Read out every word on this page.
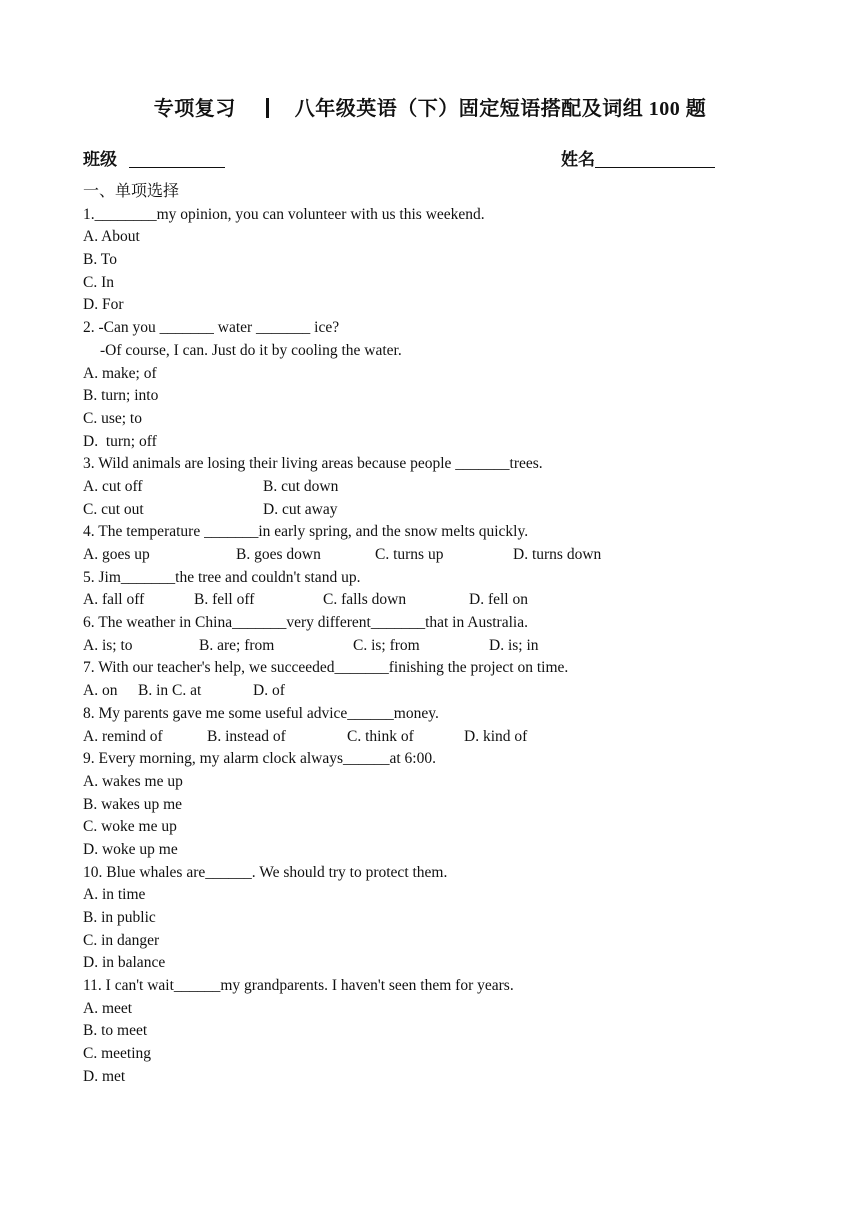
专项复习	八年级英语（下）固定短语搭配及词组 100 题
班级	姓名
一、单项选择
1.________my opinion, you can volunteer with us this weekend.
A. About
B. To
C. In
D. For
2. -Can you _______ water _______ ice?
-Of course, I can. Just do it by cooling the water.
A. make; of
B. turn; into
C. use; to
D.  turn; off
3. Wild animals are losing their living areas because people _______trees.
A. cut off	B. cut down
C. cut out	D. cut away
4. The temperature _______in early spring, and the snow melts quickly.
A. goes up	B. goes down	C. turns up	D. turns down
5. Jim_______the tree and couldn't stand up.
A. fall off	B. fell off	C. falls down	D. fell on
6. The weather in China_______very different_______that in Australia.
A. is; to	B. are; from	C. is; from	D. is; in
7. With our teacher's help, we succeeded_______finishing the project on time.
A. on B. in C. at	D. of
8. My parents gave me some useful advice______money.
A. remind of	B. instead of	C. think of	D. kind of
9. Every morning, my alarm clock always______at 6:00.
A. wakes me up
B. wakes up me
C. woke me up
D. woke up me
10. Blue whales are______. We should try to protect them.
A. in time
B. in public
C. in danger
D. in balance
11. I can't wait______my grandparents. I haven't seen them for years.
A. meet
B. to meet
C. meeting
D. met
